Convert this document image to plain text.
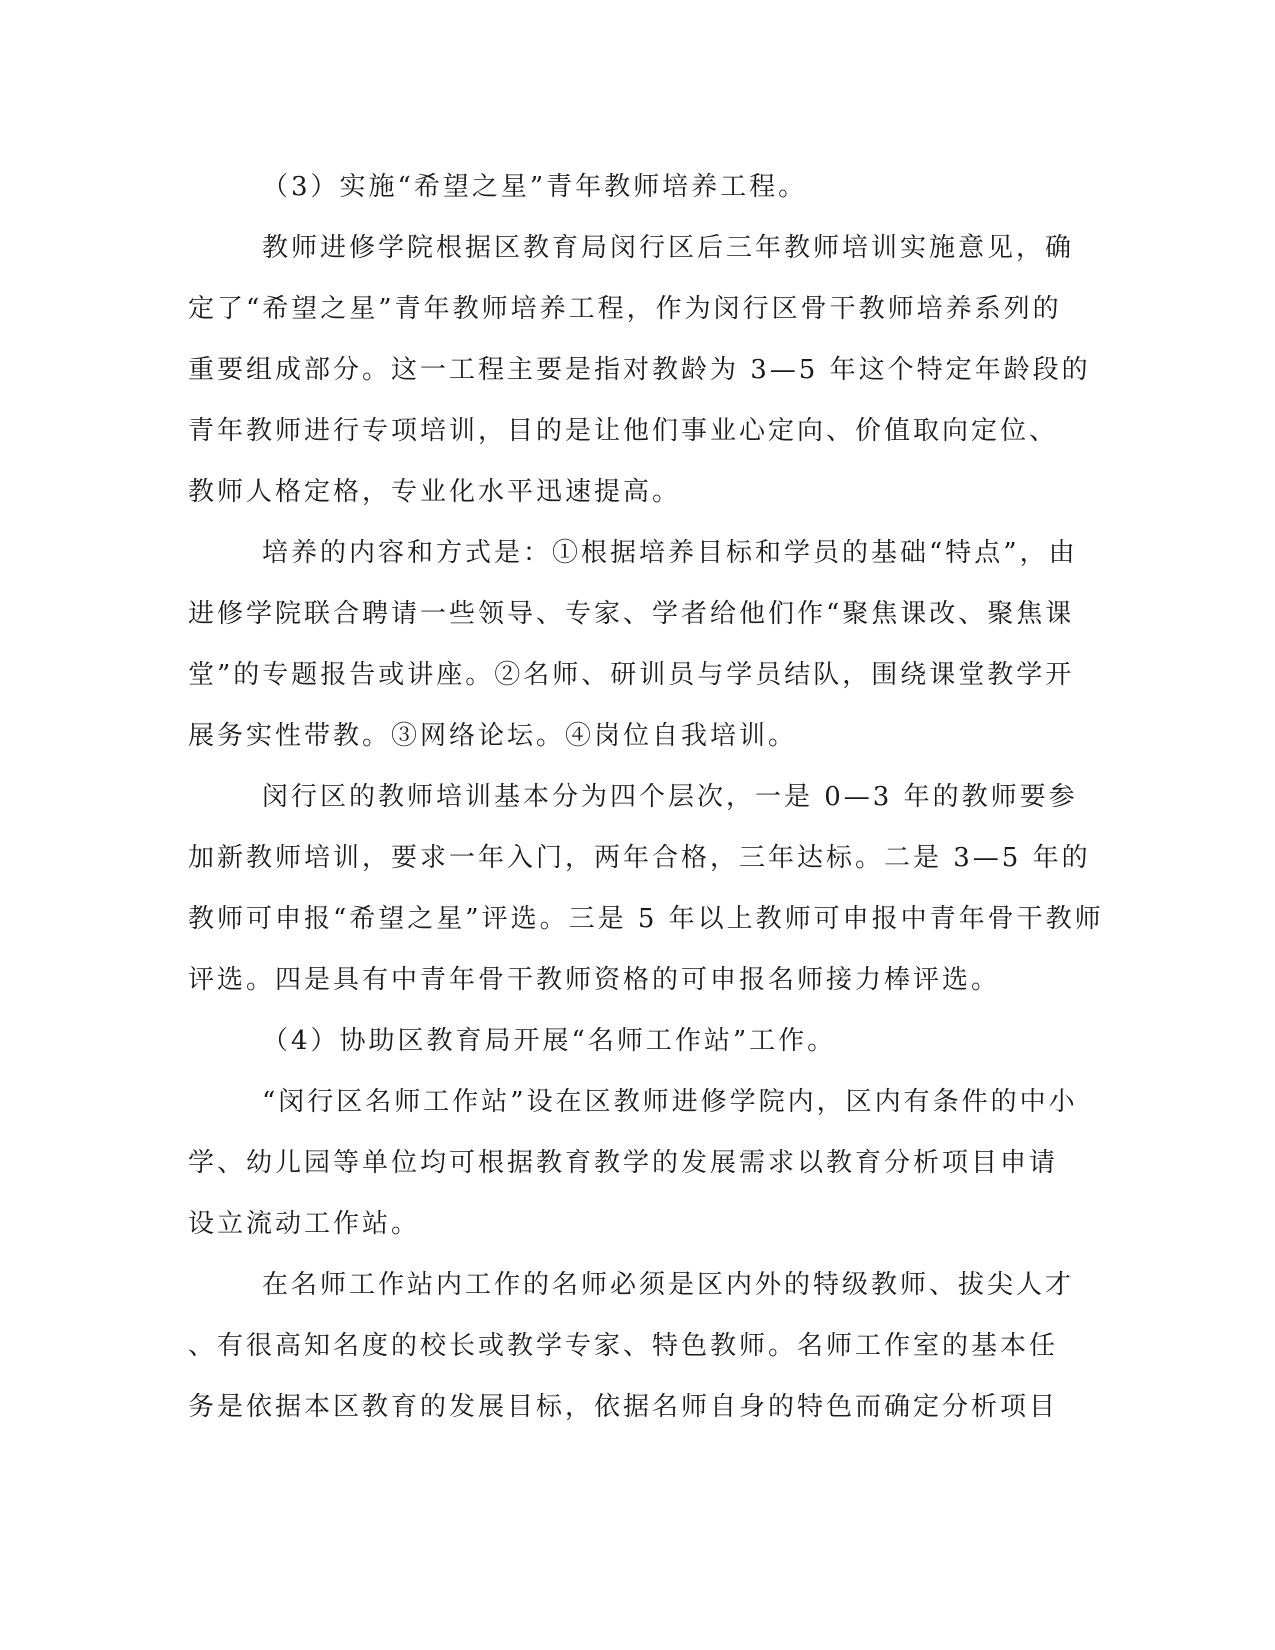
（3）实施“希望之星”青年教师培养工程。

教师进修学院根据区教育局闵行区后三年教师培训实施意见，确
定了“希望之星”青年教师培养工程，作为闵行区骨干教师培养系列的
重要组成部分。这一工程主要是指对教龄为 3—5 年这个特定年龄段的
青年教师进行专项培训，目的是让他们事业心定向、价值取向定位、
教师人格定格，专业化水平迅速提高。

培养的内容和方式是：①根据培养目标和学员的基础“特点”，由
进修学院联合聘请一些领导、专家、学者给他们作“聚焦课改、聚焦课
堂”的专题报告或讲座。②名师、研训员与学员结队，围绕课堂教学开
展务实性带教。③网络论坛。④岗位自我培训。

闵行区的教师培训基本分为四个层次，一是 0—3 年的教师要参
加新教师培训，要求一年入门，两年合格，三年达标。二是 3—5 年的
教师可申报“希望之星”评选。三是 5 年以上教师可申报中青年骨干教师
评选。四是具有中青年骨干教师资格的可申报名师接力棒评选。

（4）协助区教育局开展“名师工作站”工作。

“闵行区名师工作站”设在区教师进修学院内，区内有条件的中小
学、幼儿园等单位均可根据教育教学的发展需求以教育分析项目申请
设立流动工作站。

在名师工作站内工作的名师必须是区内外的特级教师、拔尖人才
、有很高知名度的校长或教学专家、特色教师。名师工作室的基本任
务是依据本区教育的发展目标，依据名师自身的特色而确定分析项目
